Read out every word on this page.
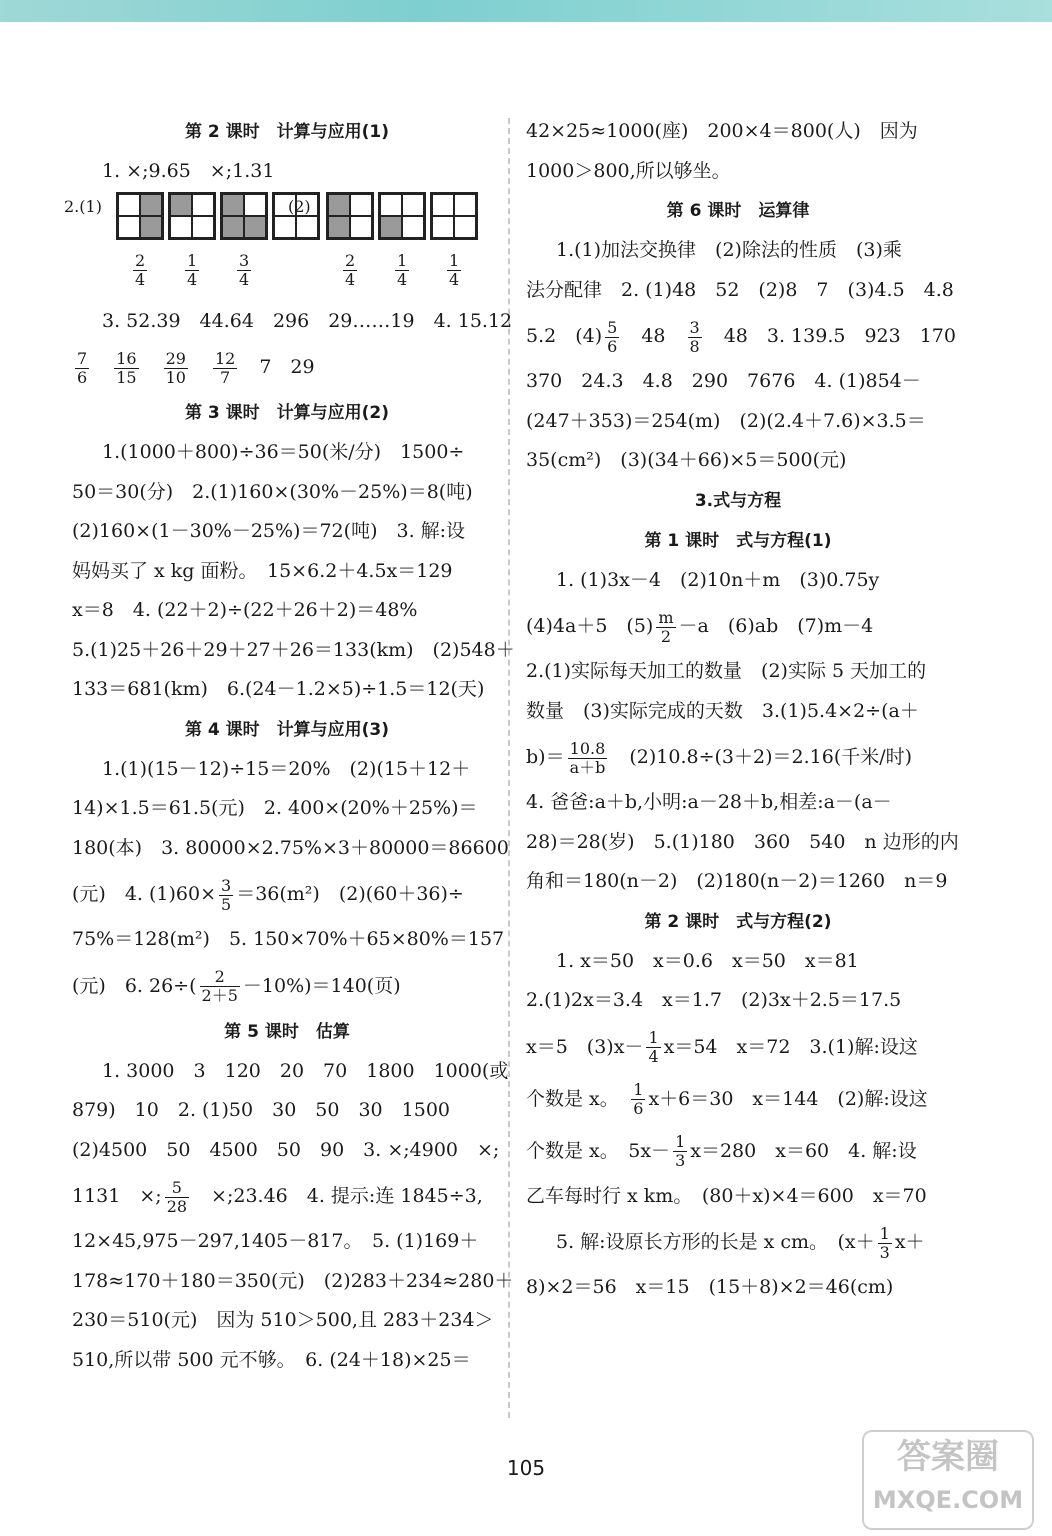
第 2 课时　计算与应用(1)
1. ×;9.65　×;1.31
2.(1)	(2)
2
4
1
4
3
4
2
4
1
4
1
4
3. 52.39　44.64　296　29……19　4. 15.12
$\frac{7}{6}$
　 $\frac{16}{15}$
　 $\frac{29}{10}$
　 $\frac{12}{7}$ 　7　29
第 3 课时　计算与应用(2)
1.(1000＋800)÷36＝50(米/分)　1500÷
50＝30(分)　2.(1)160×(30%－25%)＝8(吨)
(2)160×(1－30%－25%)＝72(吨)　3. 解:设
妈妈买了 x kg 面粉。　15×6.2＋4.5x＝129
x＝8　4. (22＋2)÷(22＋26＋2)＝48%
5.(1)25＋26＋29＋27＋26＝133(km)　(2)548＋
133＝681(km)　6.(24－1.2×5)÷1.5＝12(天)
第 4 课时　计算与应用(3)
1.(1)(15－12)÷15＝20%　(2)(15＋12＋
14)×1.5＝61.5(元)　2. 400×(20%＋25%)＝
180(本)　3. 80000×2.75%×3＋80000＝86600
(元)　4. $(1)60\times \frac{3}{5} =36(m^2)$　(2)(60＋36)÷
75%＝128(m²)　5. 150×70%＋65×80%＝157
(元)　6. $26\div( \frac{2}{2+5} -10\%)=140$(页)
第 5 课时　估算
1. 3000　3　120　20　70　1800　1000(或
879)　10　2. (1)50　30　50　30　1500
(2)4500　50　4500　50　90　3. ×;4900　×;
1131　×; $\frac{5}{28}$ 　×;23.46　4. 提示:连 1845÷3,
12×45,975－297,1405－817。　5. (1)169＋
178≈170＋180＝350(元)　(2)283＋234≈280＋
230＝510(元)　因为 510＞500,且 283＋234＞
510,所以带 500 元不够。　6. (24＋18)×25＝
42×25≈1000(座)　200×4＝800(人)　因为
1000＞800,所以够坐。
第 6 课时　运算律
1.(1)加法交换律　(2)除法的性质　(3)乘
法分配律　2. (1)48　52　(2)8　7　(3)4.5　4.8
5.2　$(4) \frac{5}{6}$ 　48　 $\frac{3}{8}$ 　48　3. 139.5　923　170
370　24.3　4.8　290　7676　4. (1)854－
(247＋353)＝254(m)　(2)(2.4＋7.6)×3.5＝
35(cm²)　(3)(34＋66)×5＝500(元)
3.式与方程
第 1 课时　式与方程(1)
1. (1)3x－4　(2)10n＋m　(3)0.75y
(4)4a＋5　$(5) \frac{m}{2} -a$　(6)ab　(7)m－4
2.(1)实际每天加工的数量　(2)实际 5 天加工的
数量　(3)实际完成的天数　3.(1)5.4×2÷(a＋
$b)= \frac{10.8}{a+b}$ 　(2)10.8÷(3＋2)＝2.16(千米/时)
4. 爸爸:a＋b,小明:a－28＋b,相差:a－(a－
28)＝28(岁)　5.(1)180　360　540　n 边形的内
角和＝180(n－2)　(2)180(n－2)＝1260　n＝9
第 2 课时　式与方程(2)
1. x＝50　x＝0.6　x＝50　x＝81
2.(1)2x＝3.4　x＝1.7　(2)3x＋2.5＝17.5
x＝5　$(3)x- \frac{1}{4} x=54$　x＝72　3.(1)解:设这
个数是 x。　 $\frac{1}{6} x+6=30$　x＝144　(2)解:设这
个数是 x。　$5x- \frac{1}{3} x=280$　x＝60　4. 解:设
乙车每时行 x km。　(80＋x)×4＝600　x＝70
5. 解:设原长方形的长是 x cm。　($x+ \frac{1}{3} x+$
8)×2＝56　x＝15　(15＋8)×2＝46(cm)
105	答案圈
MXQE.COM
